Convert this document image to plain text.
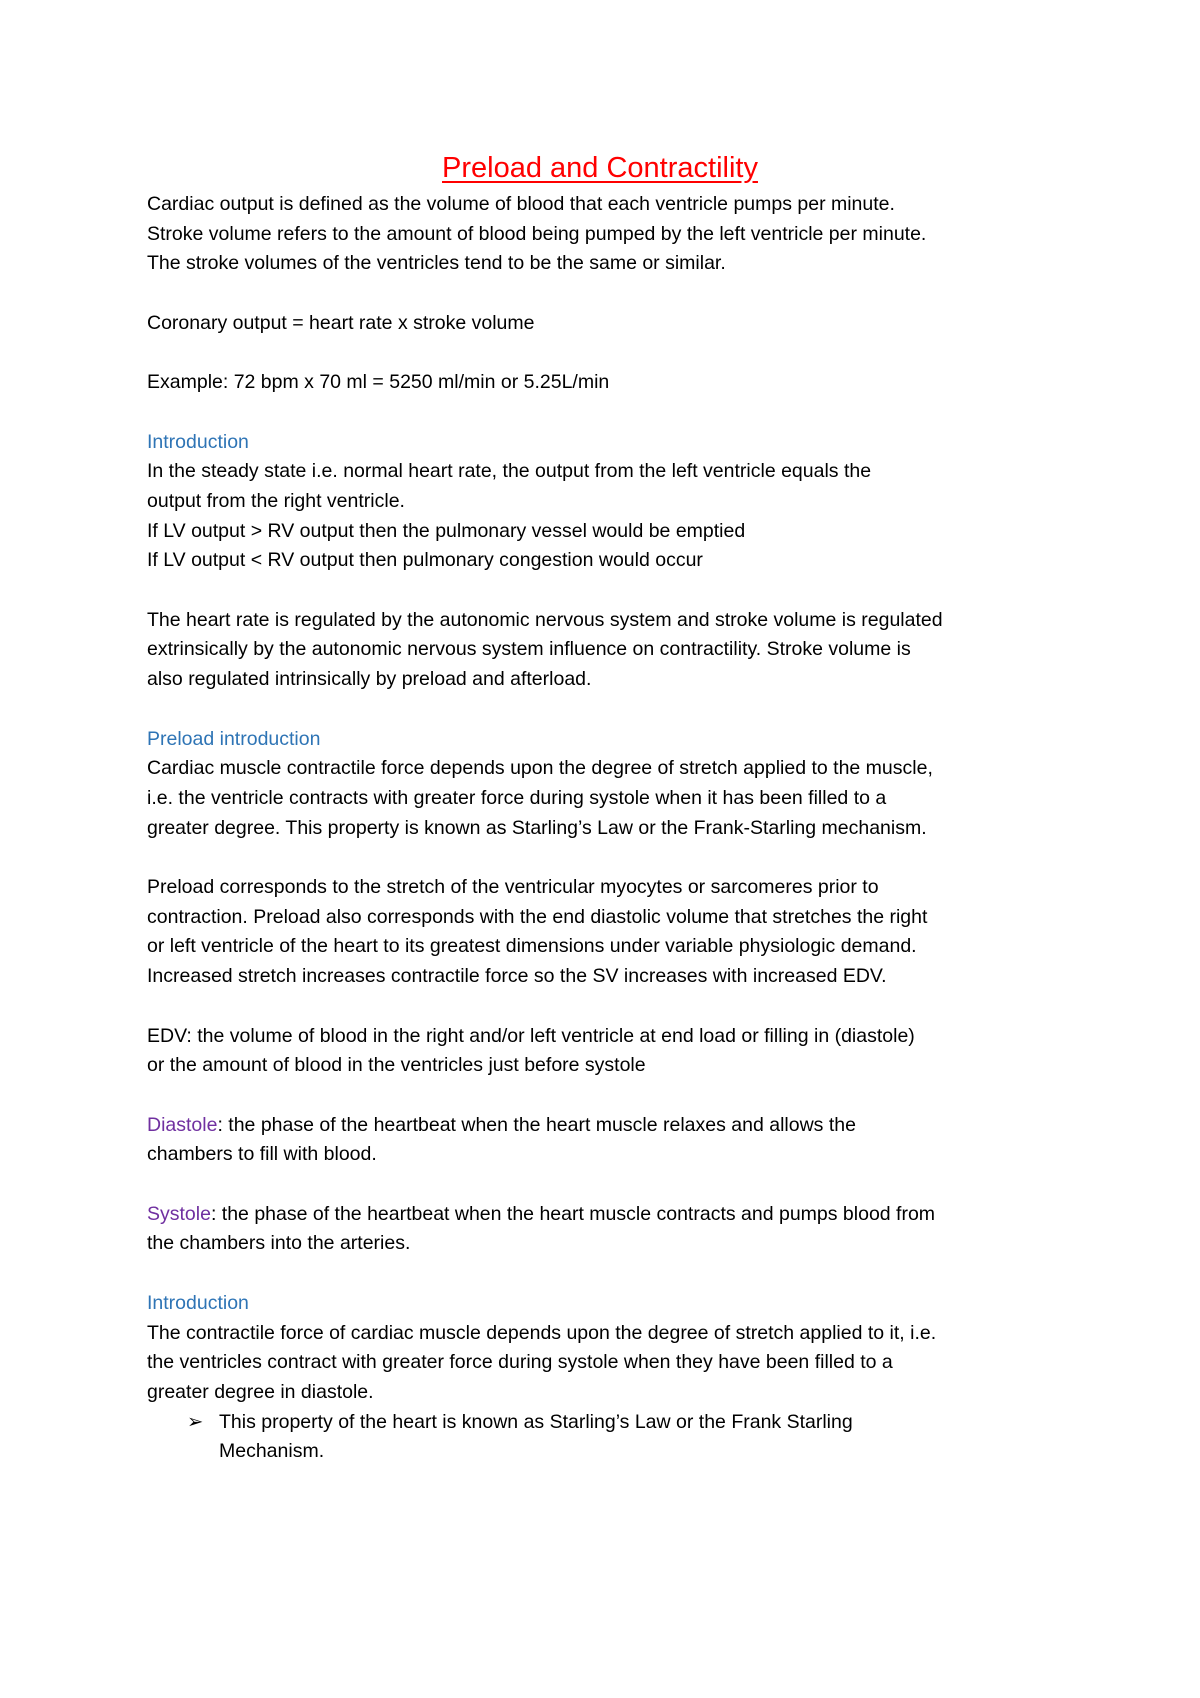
Preload and Contractility

Cardiac output is defined as the volume of blood that each ventricle pumps per minute.

Stroke volume refers to the amount of blood being pumped by the left ventricle per minute.

The stroke volumes of the ventricles tend to be the same or similar.

Coronary output = heart rate x stroke volume

Example: 72 bpm x 70 ml = 5250 ml/min or 5.25L/min

Introduction

In the steady state i.e. normal heart rate, the output from the left ventricle equals the

output from the right ventricle.

If LV output > RV output then the pulmonary vessel would be emptied

If LV output < RV output then pulmonary congestion would occur

The heart rate is regulated by the autonomic nervous system and stroke volume is regulated

extrinsically by the autonomic nervous system influence on contractility. Stroke volume is

also regulated intrinsically by preload and afterload.

Preload introduction

Cardiac muscle contractile force depends upon the degree of stretch applied to the muscle,

i.e. the ventricle contracts with greater force during systole when it has been filled to a

greater degree. This property is known as Starling’s Law or the Frank-Starling mechanism.

Preload corresponds to the stretch of the ventricular myocytes or sarcomeres prior to

contraction. Preload also corresponds with the end diastolic volume that stretches the right

or left ventricle of the heart to its greatest dimensions under variable physiologic demand.

Increased stretch increases contractile force so the SV increases with increased EDV.

EDV: the volume of blood in the right and/or left ventricle at end load or filling in (diastole)

or the amount of blood in the ventricles just before systole

Diastole: the phase of the heartbeat when the heart muscle relaxes and allows the

chambers to fill with blood.

Systole: the phase of the heartbeat when the heart muscle contracts and pumps blood from

the chambers into the arteries.

Introduction

The contractile force of cardiac muscle depends upon the degree of stretch applied to it, i.e.

the ventricles contract with greater force during systole when they have been filled to a

greater degree in diastole.

➢ This property of the heart is known as Starling’s Law or the Frank Starling

Mechanism.
